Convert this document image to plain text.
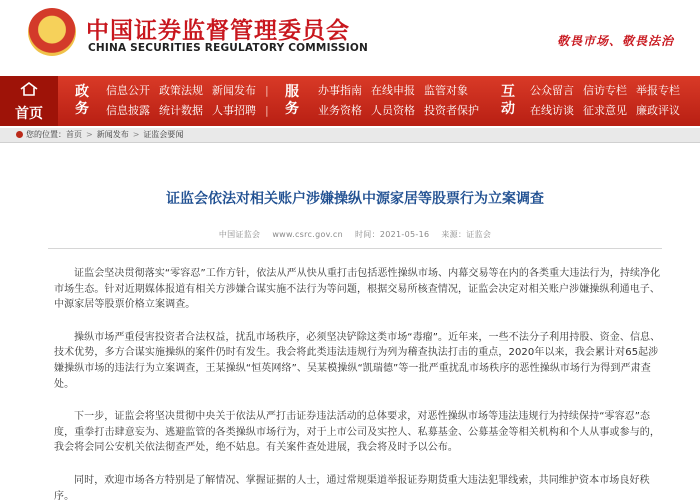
★	中国证券监督管理委员会
CHINA SECURITIES REGULATORY COMMISSION	敬畏市场、敬畏法治
首页
政务
信息公开 政策法规 新闻发布 |
信息披露 统计数据 人事招聘 |
服务
办事指南 在线申报 监管对象
业务资格 人员资格 投资者保护
互动
公众留言 信访专栏 举报专栏
在线访谈 征求意见 廉政评议
您的位置：首页 > 新闻发布 > 证监会要闻
证监会依法对相关账户涉嫌操纵中源家居等股票行为立案调查
中国证监会 www.csrc.gov.cn 时间：2021-05-16 来源：证监会

证监会坚决贯彻落实“零容忍”工作方针，依法从严从快从重打击包括恶性操纵市场、内幕交易等在内的各类重大违法行为，持续净化市场生态。针对近期媒体报道有相关方涉嫌合谋实施不法行为等问题，根据交易所核查情况，证监会决定对相关账户涉嫌操纵利通电子、中源家居等股票价格立案调查。

操纵市场严重侵害投资者合法权益，扰乱市场秩序，必须坚决铲除这类市场“毒瘤”。近年来，一些不法分子利用持股、资金、信息、技术优势，多方合谋实施操纵的案件仍时有发生。我会将此类违法违规行为列为稽查执法打击的重点，2020年以来，我会累计对65起涉嫌操纵市场的违法行为立案调查，王某操纵“恒英网络”、吴某模操纵“凯瑞德”等一批严重扰乱市场秩序的恶性操纵市场行为得到严肃查处。

下一步，证监会将坚决贯彻中央关于依法从严打击证券违法活动的总体要求，对恶性操纵市场等违法违规行为持续保持“零容忍”态度，重拳打击肆意妄为、逃避监管的各类操纵市场行为，对于上市公司及实控人、私募基金、公募基金等相关机构和个人从事或参与的，我会将会同公安机关依法彻查严处，绝不姑息。有关案件查处进展，我会将及时予以公布。

同时，欢迎市场各方特别是了解情况、掌握证据的人士，通过常规渠道举报证券期货重大违法犯罪线索，共同维护资本市场良好秩序。
